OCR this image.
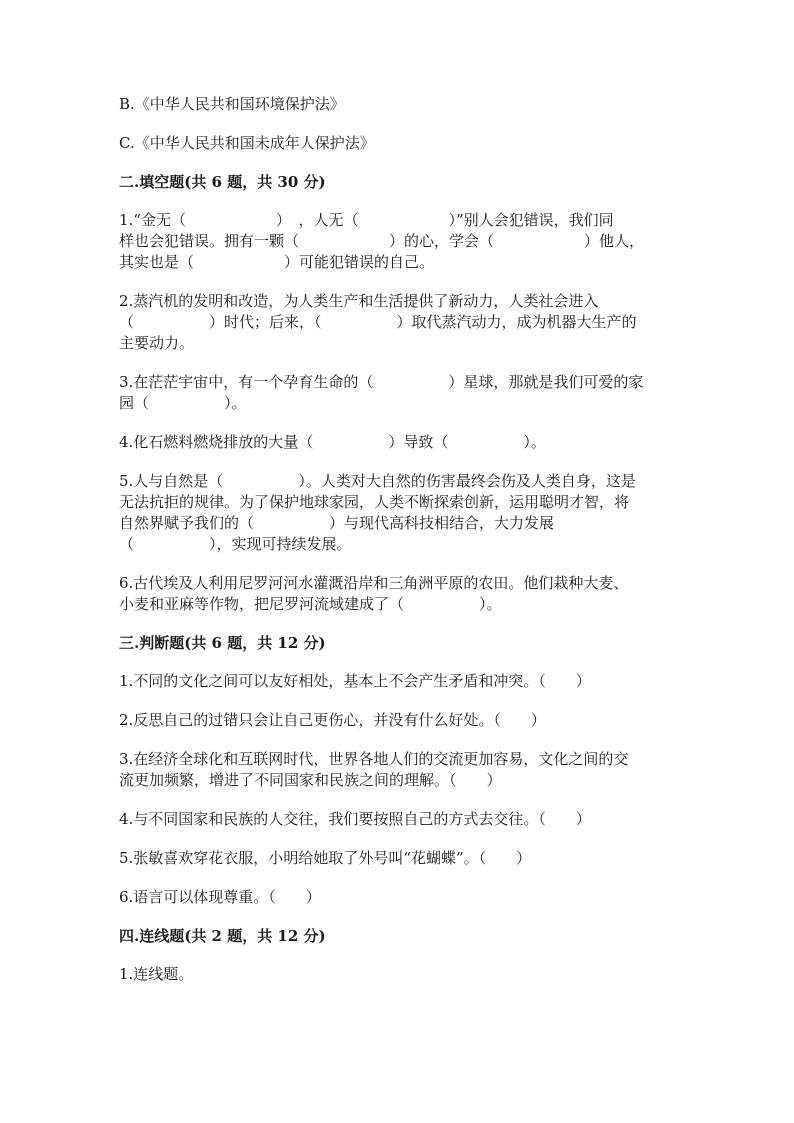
B.《中华人民共和国环境保护法》

C.《中华人民共和国未成年人保护法》

二.填空题(共 6 题，共 30 分)

1.“金无（　　　　　　）　，人无（　　　　　　）”别人会犯错误，我们同

样也会犯错误。拥有一颗（　　　　　　）的心，学会（　　　　　　）他人，

其实也是（　　　　　　）可能犯错误的自己。

2.蒸汽机的发明和改造，为人类生产和生活提供了新动力，人类社会进入

（　　　　　）时代；后来，（　　　　　）取代蒸汽动力，成为机器大生产的

主要动力。

3.在茫茫宇宙中，有一个孕育生命的（　　　　　）星球，那就是我们可爱的家

园（　　　　　）。

4.化石燃料燃烧排放的大量（　　　　　）导致（　　　　　）。

5.人与自然是（　　　　　）。人类对大自然的伤害最终会伤及人类自身，这是

无法抗拒的规律。为了保护地球家园，人类不断探索创新，运用聪明才智，将

自然界赋予我们的（　　　　　）与现代高科技相结合，大力发展

（　　　　　），实现可持续发展。

6.古代埃及人利用尼罗河河水灌溉沿岸和三角洲平原的农田。他们栽种大麦、

小麦和亚麻等作物，把尼罗河流域建成了（　　　　　）。

三.判断题(共 6 题，共 12 分)

1.不同的文化之间可以友好相处，基本上不会产生矛盾和冲突。（　　）

2.反思自己的过错只会让自己更伤心，并没有什么好处。（　　）

3.在经济全球化和互联网时代，世界各地人们的交流更加容易，文化之间的交

流更加频繁，增进了不同国家和民族之间的理解。（　　）

4.与不同国家和民族的人交往，我们要按照自己的方式去交往。（　　）

5.张敏喜欢穿花衣服，小明给她取了外号叫“花蝴蝶”。（　　）

6.语言可以体现尊重。（　　）

四.连线题(共 2 题，共 12 分)

1.连线题。
